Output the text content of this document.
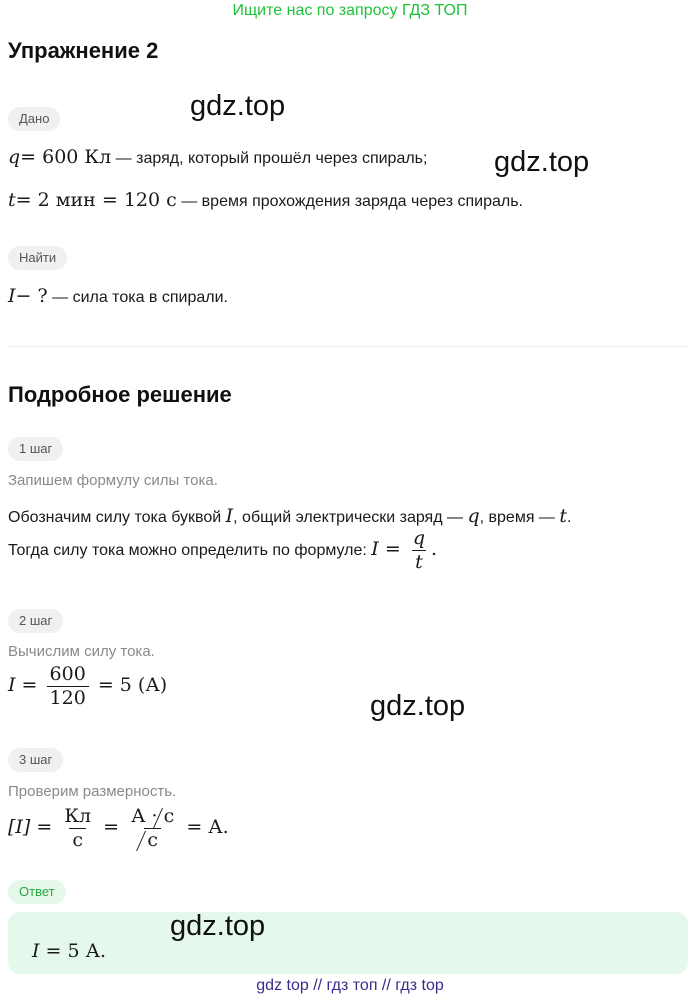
Ищите нас по запросу ГДЗ ТОП
Упражнение 2
gdz.top
gdz.top
gdz.top
gdz.top
Дано
q= 600 Кл — заряд, который прошёл через спираль;
t= 2 мин = 120 с — время прохождения заряда через спираль.
Найти
I− ? — сила тока в спирали.
Подробное решение
1 шаг
Запишем формулу силы тока.
Обозначим силу тока буквой I, общий электрически заряд — q, время — t.
Тогда силу тока можно определить по формуле: $I = \frac{q}{t}$ .
2 шаг
Вычислим силу тока.
$I = \frac{600}{120} = 5$ (А)
3 шаг
Проверим размерность.
$[I] = \frac{Кл}{с} = \frac{А \cdot с}{с} = А$.
Ответ
I = 5 А.
gdz top // гдз топ // гдз top
